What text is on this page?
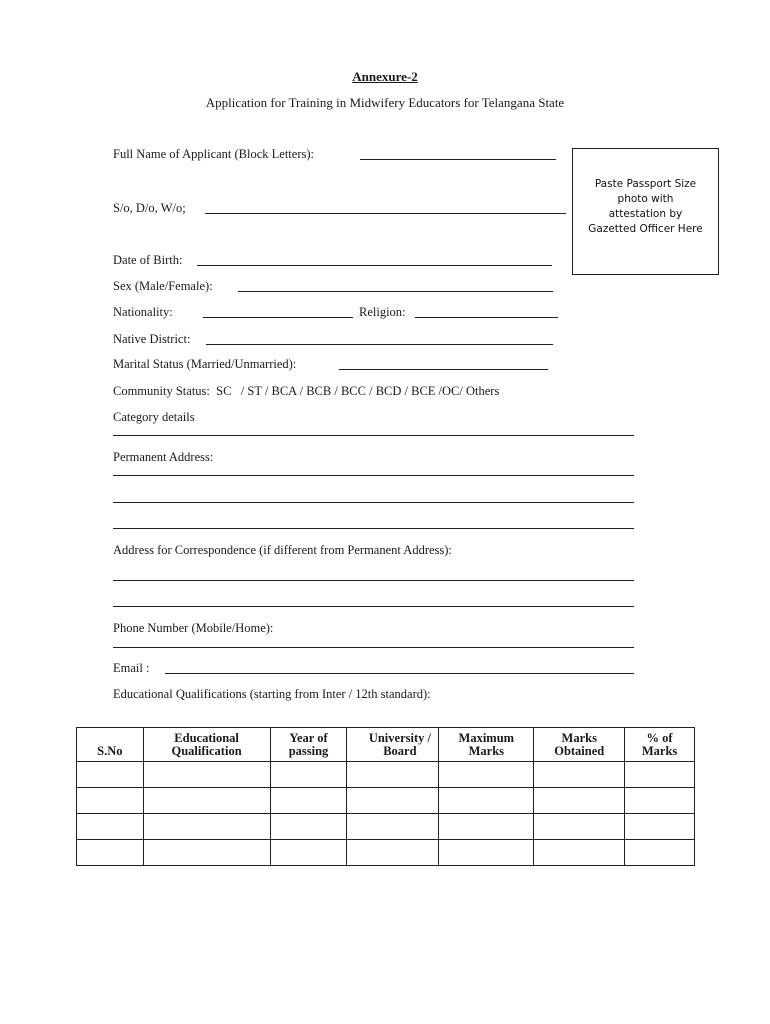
Annexure-2
Application for Training in Midwifery Educators for Telangana State
Full Name of Applicant (Block Letters):
Paste Passport Size
photo with
attestation by
Gazetted Officer Here
S/o, D/o, W/o;
Date of Birth:
Sex (Male/Female):
Nationality:	Religion:
Native District:
Marital Status (Married/Unmarried):
Community Status:  SC   / ST / BCA / BCB / BCC / BCD / BCE /OC/ Others
Category details
Permanent Address:
Address for Correspondence (if different from Permanent Address):
Phone Number (Mobile/Home):
Email :
Educational Qualifications (starting from Inter / 12th standard):
S.No	Educational Qualification	Year of passing	University / Board	Maximum Marks	Marks Obtained	% of Marks
